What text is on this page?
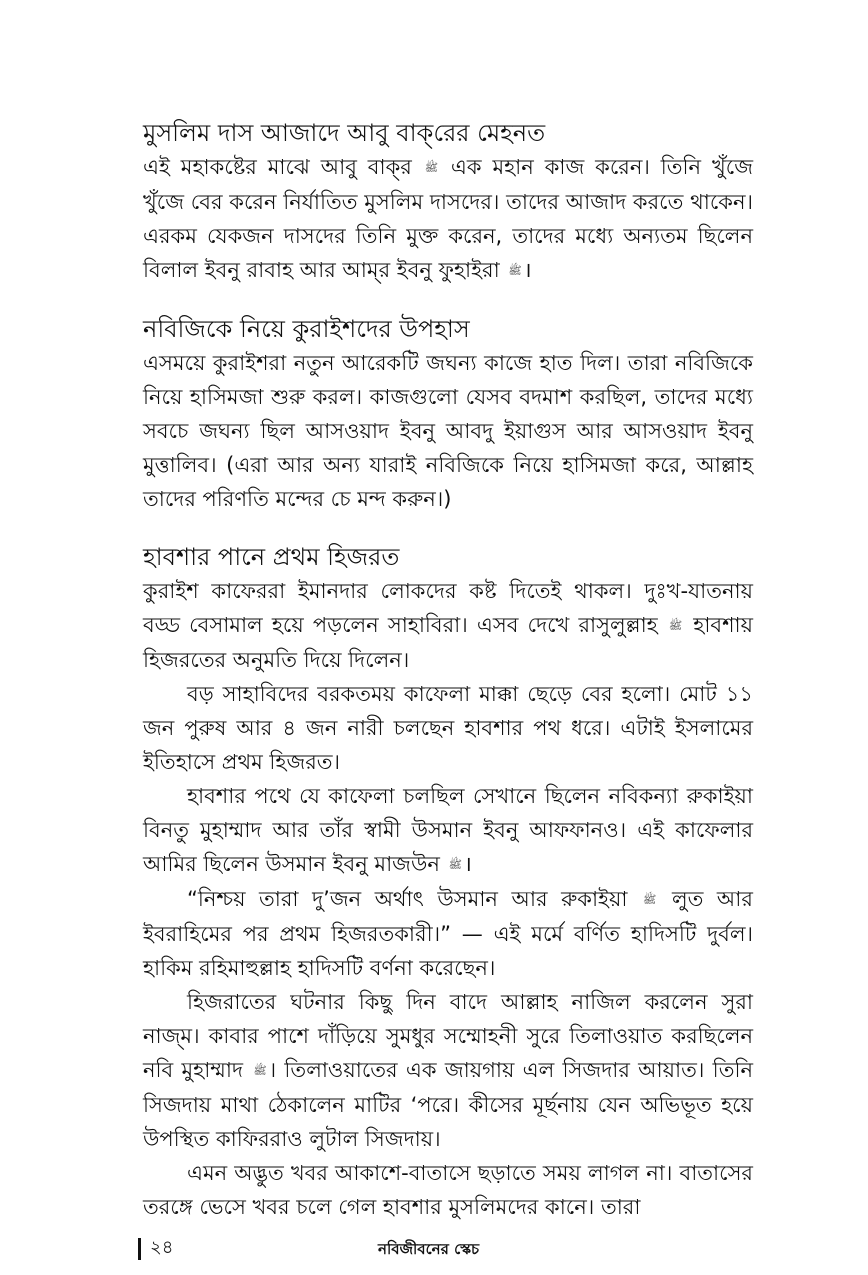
মুসলিম দাস আজাদে আবু বাক্‌রের মেহনত

এই মহাকষ্টের মাঝে আবু বাক্‌র ﷺ এক মহান কাজ করেন। তিনি খুঁজে খুঁজে বের করেন নির্যাতিত মুসলিম দাসদের। তাদের আজাদ করতে থাকেন। এরকম যেকজন দাসদের তিনি মুক্ত করেন, তাদের মধ্যে অন্যতম ছিলেন বিলাল ইবনু রাবাহ আর আম্‌র ইবনু ফুহাইরা ﷺ।

নবিজিকে নিয়ে কুরাইশদের উপহাস

এসময়ে কুরাইশরা নতুন আরেকটি জঘন্য কাজে হাত দিল। তারা নবিজিকে নিয়ে হাসিমজা শুরু করল। কাজগুলো যেসব বদমাশ করছিল, তাদের মধ্যে সবচে জঘন্য ছিল আসওয়াদ ইবনু আবদু ইয়াগুস আর আসওয়াদ ইবনু মুত্তালিব। (এরা আর অন্য যারাই নবিজিকে নিয়ে হাসিমজা করে, আল্লাহ তাদের পরিণতি মন্দের চে মন্দ করুন।)

হাবশার পানে প্রথম হিজরত

কুরাইশ কাফেররা ইমানদার লোকদের কষ্ট দিতেই থাকল। দুঃখ-যাতনায় বড্ড বেসামাল হয়ে পড়লেন সাহাবিরা। এসব দেখে রাসুলুল্লাহ ﷺ হাবশায় হিজরতের অনুমতি দিয়ে দিলেন।

বড় সাহাবিদের বরকতময় কাফেলা মাক্কা ছেড়ে বের হলো। মোট ১১ জন পুরুষ আর ৪ জন নারী চলছেন হাবশার পথ ধরে। এটাই ইসলামের ইতিহাসে প্রথম হিজরত।

হাবশার পথে যে কাফেলা চলছিল সেখানে ছিলেন নবিকন্যা রুকাইয়া বিনতু মুহাম্মাদ আর তাঁর স্বামী উসমান ইবনু আফফানও। এই কাফেলার আমির ছিলেন উসমান ইবনু মাজউন ﷺ।

“নিশ্চয় তারা দু’জন অর্থাৎ উসমান আর রুকাইয়া ﷺ লুত আর ইবরাহিমের পর প্রথম হিজরতকারী।” — এই মর্মে বর্ণিত হাদিসটি দুর্বল। হাকিম রহিমাহুল্লাহ হাদিসটি বর্ণনা করেছেন।

হিজরাতের ঘটনার কিছু দিন বাদে আল্লাহ নাজিল করলেন সুরা নাজ্‌ম। কাবার পাশে দাঁড়িয়ে সুমধুর সম্মোহনী সুরে তিলাওয়াত করছিলেন নবি মুহাম্মাদ ﷺ। তিলাওয়াতের এক জায়গায় এল সিজদার আয়াত। তিনি সিজদায় মাথা ঠেকালেন মাটির ‘পরে। কীসের মূর্ছনায় যেন অভিভূত হয়ে উপস্থিত কাফিররাও লুটাল সিজদায়।

এমন অদ্ভুত খবর আকাশে-বাতাসে ছড়াতে সময় লাগল না। বাতাসের তরঙ্গে ভেসে খবর চলে গেল হাবশার মুসলিমদের কানে। তারা

২৪	নবিজীবনের স্কেচ
